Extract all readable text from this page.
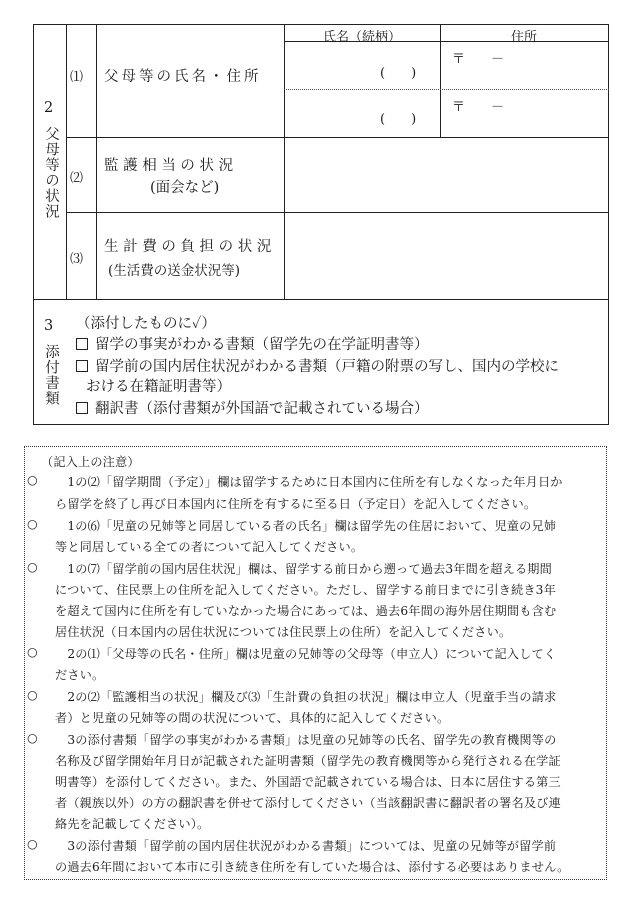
2
父母等の状況
氏名（続柄）	住所
⑴ 父母等の氏名・住所	(　　)
(　　)
〒　　－
〒　　－
⑵
監 護 相 当 の 状 況
(面会など)
⑶
生 計 費 の 負 担 の 状 況
(生活費の送金状況等)
3
添付書類
（添付したものに✓）
留学の事実がわかる書類（留学先の在学証明書等）
留学前の国内居住状況がわかる書類（戸籍の附票の写し、国内の学校に
おける在籍証明書等）
翻訳書（添付書類が外国語で記載されている場合）
（記入上の注意）
○ 　1の⑵「留学期間（予定）」欄は留学するために日本国内に住所を有しなくなった年月日か
ら留学を終了し再び日本国内に住所を有するに至る日（予定日）を記入してください。
○ 　1の⑹「児童の兄姉等と同居している者の氏名」欄は留学先の住居において、児童の兄姉
等と同居している全ての者について記入してください。
○ 　1の⑺「留学前の国内居住状況」欄は、留学する前日から遡って過去3年間を超える期間
について、住民票上の住所を記入してください。ただし、留学する前日までに引き続き3年
を超えて国内に住所を有していなかった場合にあっては、過去6年間の海外居住期間も含む
居住状況（日本国内の居住状況については住民票上の住所）を記入してください。
○ 　2の⑴「父母等の氏名・住所」欄は児童の兄姉等の父母等（申立人）について記入してく
ださい。
○ 　2の⑵「監護相当の状況」欄及び⑶「生計費の負担の状況」欄は申立人（児童手当の請求
者）と児童の兄姉等の間の状況について、具体的に記入してください。
○ 　3の添付書類「留学の事実がわかる書類」は児童の兄姉等の氏名、留学先の教育機関等の
名称及び留学開始年月日が記載された証明書類（留学先の教育機関等から発行される在学証
明書等）を添付してください。また、外国語で記載されている場合は、日本に居住する第三
者（親族以外）の方の翻訳書を併せて添付してください（当該翻訳書に翻訳者の署名及び連
絡先を記載してください）。
○ 　3の添付書類「留学前の国内居住状況がわかる書類」については、児童の兄姉等が留学前
の過去6年間において本市に引き続き住所を有していた場合は、添付する必要はありません。
